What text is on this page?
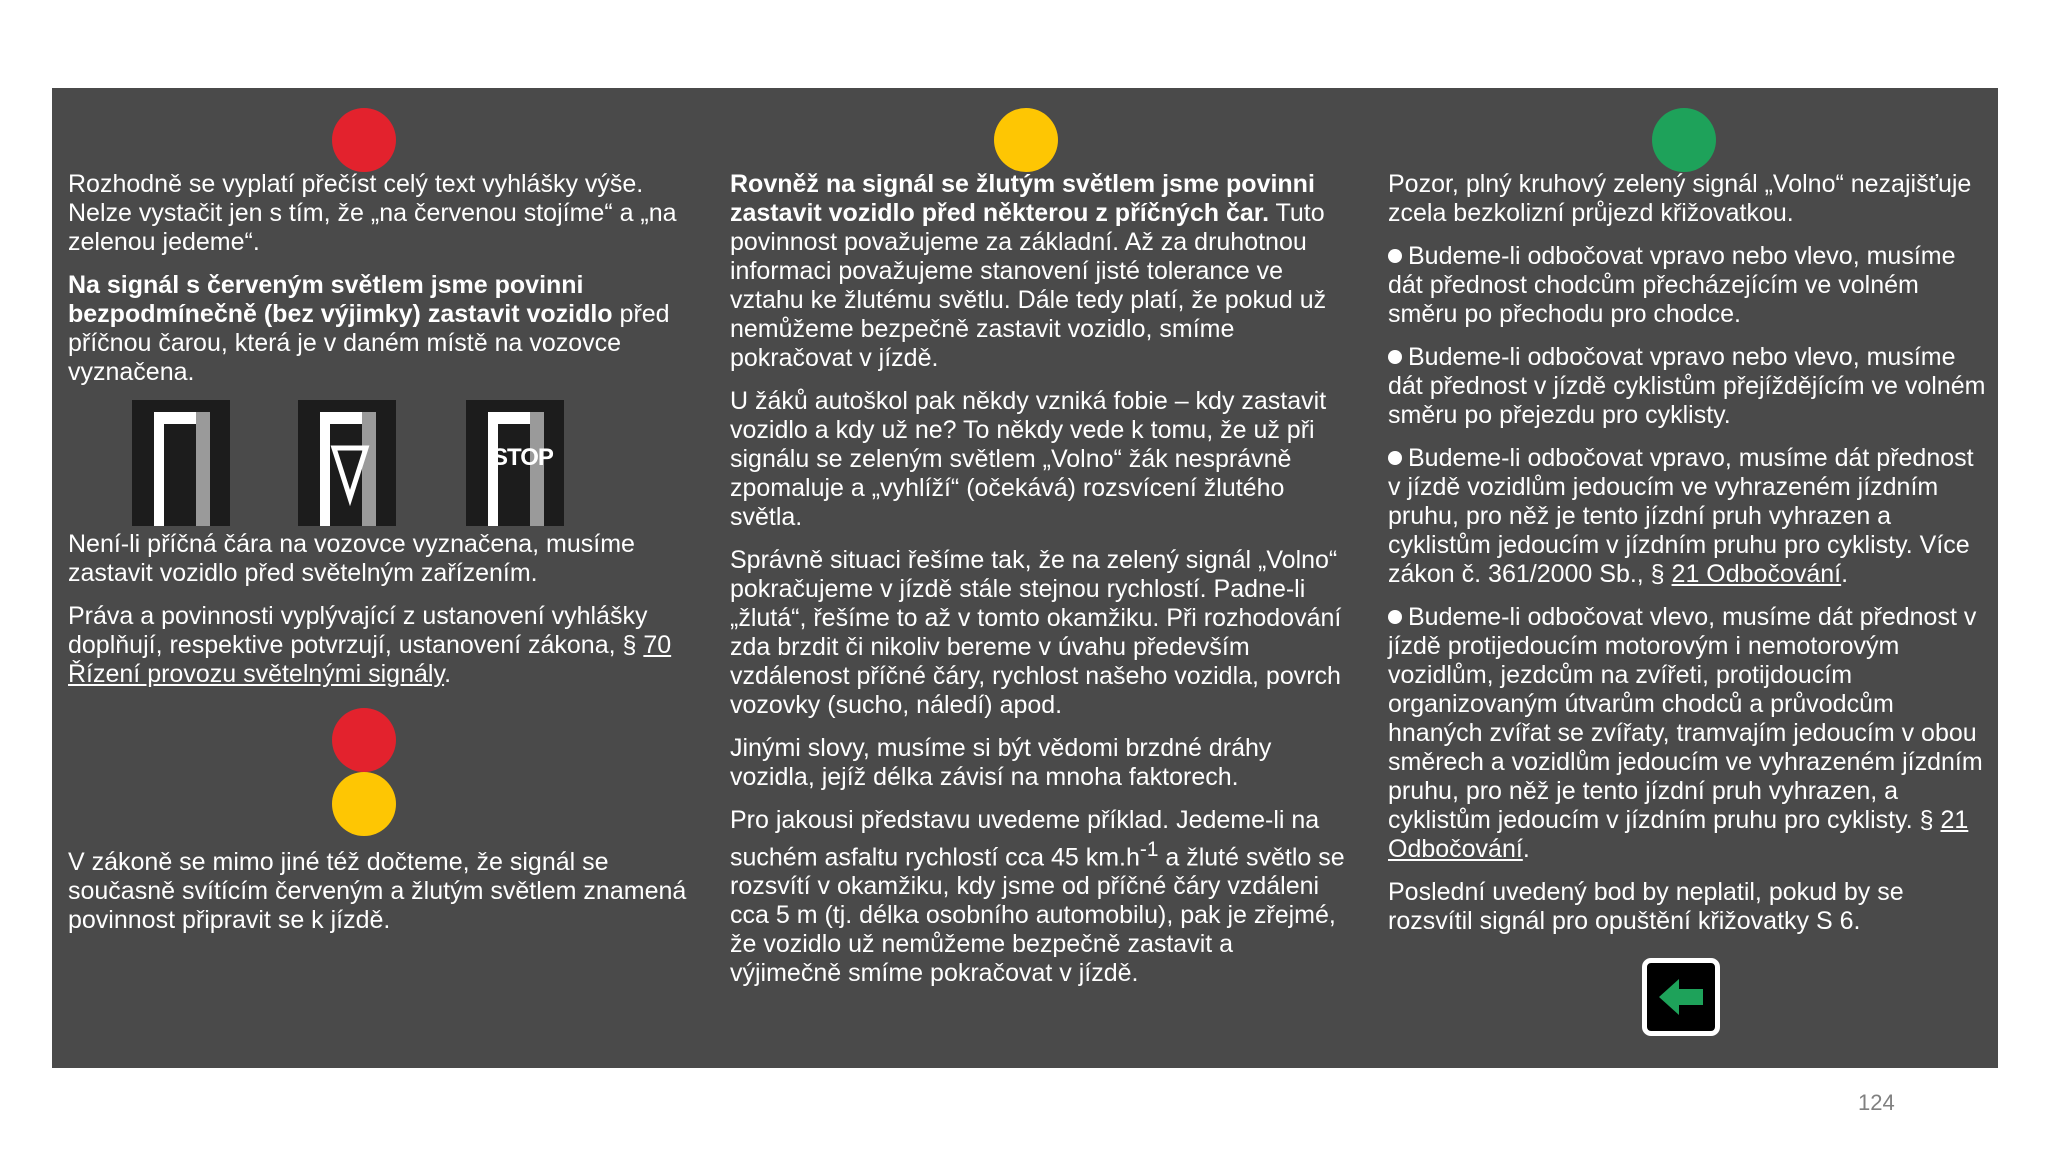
Rozhodně se vyplatí přečíst celý text vyhlášky výše. Nelze vystačit jen s tím, že „na červenou stojíme“ a „na zelenou jedeme“.

Na signál s červeným světlem jsme povinni bezpodmínečně (bez výjimky) zastavit vozidlo před příčnou čarou, která je v daném místě na vozovce vyznačena.

STOP

Není-li příčná čára na vozovce vyznačena, musíme zastavit vozidlo před světelným zařízením.

Práva a povinnosti vyplývající z ustanovení vyhlášky doplňují, respektive potvrzují, ustanovení zákona, § 70 Řízení provozu světelnými signály.

V zákoně se mimo jiné též dočteme, že signál se současně svítícím červeným a žlutým světlem znamená povinnost připravit se k jízdě.

Rovněž na signál se žlutým světlem jsme povinni zastavit vozidlo před některou z příčných čar. Tuto povinnost považujeme za základní. Až za druhotnou informaci považujeme stanovení jisté tolerance ve vztahu ke žlutému světlu. Dále tedy platí, že pokud už nemůžeme bezpečně zastavit vozidlo, smíme pokračovat v jízdě.

U žáků autoškol pak někdy vzniká fobie – kdy zastavit vozidlo a kdy už ne? To někdy vede k tomu, že už při signálu se zeleným světlem „Volno“ žák nesprávně zpomaluje a „vyhlíží“ (očekává) rozsvícení žlutého světla.

Správně situaci řešíme tak, že na zelený signál „Volno“ pokračujeme v jízdě stále stejnou rychlostí. Padne-li „žlutá“, řešíme to až v tomto okamžiku. Při rozhodování zda brzdit či nikoliv bereme v úvahu především vzdálenost příčné čáry, rychlost našeho vozidla, povrch vozovky (sucho, náledí) apod.

Jinými slovy, musíme si být vědomi brzdné dráhy vozidla, jejíž délka závisí na mnoha faktorech.

Pro jakousi představu uvedeme příklad. Jedeme-li na suchém asfaltu rychlostí cca 45 $km.h^{-1}$ a žluté světlo se rozsvítí v okamžiku, kdy jsme od příčné čáry vzdáleni cca 5 m (tj. délka osobního automobilu), pak je zřejmé, že vozidlo už nemůžeme bezpečně zastavit a výjimečně smíme pokračovat v jízdě.

Pozor, plný kruhový zelený signál „Volno“ nezajišťuje zcela bezkolizní průjezd křižovatkou.

Budeme-li odbočovat vpravo nebo vlevo, musíme dát přednost chodcům přecházejícím ve volném směru po přechodu pro chodce.

Budeme-li odbočovat vpravo nebo vlevo, musíme dát přednost v jízdě cyklistům přejíždějícím ve volném směru po přejezdu pro cyklisty.

Budeme-li odbočovat vpravo, musíme dát přednost v jízdě vozidlům jedoucím ve vyhrazeném jízdním pruhu, pro něž je tento jízdní pruh vyhrazen a cyklistům jedoucím v jízdním pruhu pro cyklisty. Více zákon č. 361/2000 Sb., § 21 Odbočování.

Budeme-li odbočovat vlevo, musíme dát přednost v jízdě protijedoucím motorovým i nemotorovým vozidlům, jezdcům na zvířeti, protijdoucím organizovaným útvarům chodců a průvodcům hnaných zvířat se zvířaty, tramvajím jedoucím v obou směrech a vozidlům jedoucím ve vyhrazeném jízdním pruhu, pro něž je tento jízdní pruh vyhrazen, a cyklistům jedoucím v jízdním pruhu pro cyklisty. § 21 Odbočování.

Poslední uvedený bod by neplatil, pokud by se rozsvítil signál pro opuštění křižovatky S 6.

124
